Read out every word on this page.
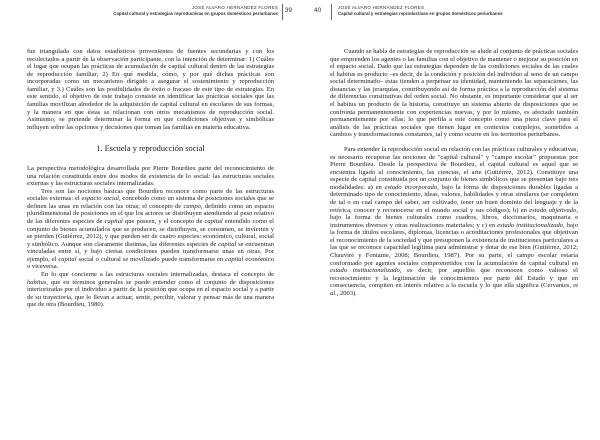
JOSÉ ALVARO HERNÁNDEZ FLORES
Capital cultural y estrategias reproductivas en grupos domésticos periurbanos 39

fue triangulada con datos estadísticos provenientes de fuentes secundarias y con los recolectados a partir de la observación participante, con la intención de determinar: 1) Cuáles el lugar que ocupan las prácticas de acumulación de capital cultural dentro de las estrategias de reproducción familiar, 2) En qué medida, cómo, y por qué dichas prácticas son incorporadas como un mecanismo dirigido a asegurar el sostenimiento y reproducción familiar, y 3.) Cuáles son las posibilidades de éxito o fracaso de este tipo de estrategias. En este sentido, el objetivo de este trabajo consiste en identificar las prácticas sociales que las familias movilizan alrededor de la adquisición de capital cultural en escolares de sus formas, y la manera en que éstas se relacionan con otros mecanismos de reproducción social. Asimismo, se pretende determinar la forma en que condiciones objetivas y simbólicas influyen sobre las opciones y decisiones que toman las familias en materia educativa.

1. Escuela y reproducción social

La perspectiva metodológica desarrollada por Pierre Bourdieu parte del reconocimiento de una relación constituida entre dos modos de existencia de lo social: las estructuras sociales externas y las estructuras sociales internalizadas.

Tres son las nociones básicas que Bourdieu reconoce como parte de las estructuras sociales externas: el espacio social, concebido como un sistema de posiciones sociales que se definen las unas en relación con las otras; el concepto de campo, definido como un espacio pluridimensional de posiciones en el que los actores se distribuyen atendiendo al peso relativo de las diferentes especies de capital que poseen, y el concepto de capital entendido como el conjunto de bienes acumulados que se producen, se distribuyen, se consumen, se invierten y se pierden (Gutiérrez, 2012), y que pueden ser de cuatro especies: económico, cultural, social y simbólico. Aunque son claramente distintas, las diferentes especies de capital se encuentran vinculadas entre sí, y bajo ciertas condiciones pueden transformarse unas en otras. Por ejemplo, el capital social o cultural se movilizado puede transformarse en capital económico o viceversa.

En lo que concierne a las estructuras sociales internalizadas, destaca el concepto de habitus, que en términos generales se puede entender como el conjunto de disposiciones interiorizadas por el individuo a partir de la posición que ocupa en el espacio social y a partir de su trayectoria, que lo llevan a actuar, sentir, percibir, valorar y pensar más de una manera que de otra (Bourdieu, 1980).

40	JOSÉ ALVARO HERNÁNDEZ FLORES
Capital cultural y estrategias reproductivas en grupos domésticos periurbanos

Cuando se habla de estrategias de reproducción se alude al conjunto de prácticas sociales que emprenden los agentes o las familias con el objetivo de mantener o mejorar su posición en el espacio social. Dado que las estrategias dependen de las condiciones sociales de las cuales el habitus es producto –es decir, de la condición y posición del individuo al seno de un campo social determinado– éstas tienden a perpetuar su identidad, manteniendo las separaciones, las distancias y las jerarquías, contribuyendo así de forma práctica a la reproducción del sistema de diferencias constitutivas del orden social. No obstante, es importante considerar que al ser el habitus un producto de la historia, constituye un sistema abierto de disposiciones que se confronta permanentemente con experiencias nuevas, y por lo mismo, es afectado también permanentemente por ellas; lo que perfila a este concepto como una pieza clave para el análisis de las prácticas sociales que tienen lugar en contextos complejos, sometidos a cambios y transformaciones constantes, tal y como ocurre en los territorios periurbanos.

Para entender la reproducción social en relación con las prácticas culturales y educativas, es necesario recuperar las nociones de "capital cultural" y "campo escolar" propuestas por Pierre Bourdieu. Desde la perspectiva de Bourdieu, el capital cultural es aquel que se encuentra ligado al conocimiento, las ciencias, el arte (Gutiérrez, 2012). Constituye una especie de capital constituida por un conjunto de bienes simbólicos que se presentan bajo tres modalidades: a) en estado incorporado, bajo la forma de disposiciones durables ligadas a determinado tipo de conocimiento, ideas, valores, habilidades y otras similares (se completen de tal o en cual campo del saber, ser cultivado, tener un buen dominio del lenguaje y de la retórica, conocer y reconocerse en el mundo social y sus códigos); b) en estado objetivado, bajo la forma de bienes culturales como cuadros, libros, diccionarios, maquinaria e instrumentos diversos y otras realizaciones materiales; y c) en estado institucionalizado, bajo la forma de títulos escolares, diplomas, licencias o acreditaciones profesionales que objetivan el reconocimiento de la sociedad y que presuponen la existencia de instituciones particulares a las que se reconoce capacidad legítima para administrar y dotar de ese bien (Gutiérrez, 2012; Chauviré y Fontaine, 2008; Bourdieu, 1987). Por su parte, el campo escolar estaría conformado por agentes sociales comprometidos con la acumulación de capital cultural en estado institucionalizado, es decir, por aquellos que reconocen como valioso el reconocimiento y la legitimación de conocimientos por parte del Estado y que en consecuencia, compiten en interés relativo a la escuela y lo que ella significa (Cervantes, et al., 2003).
